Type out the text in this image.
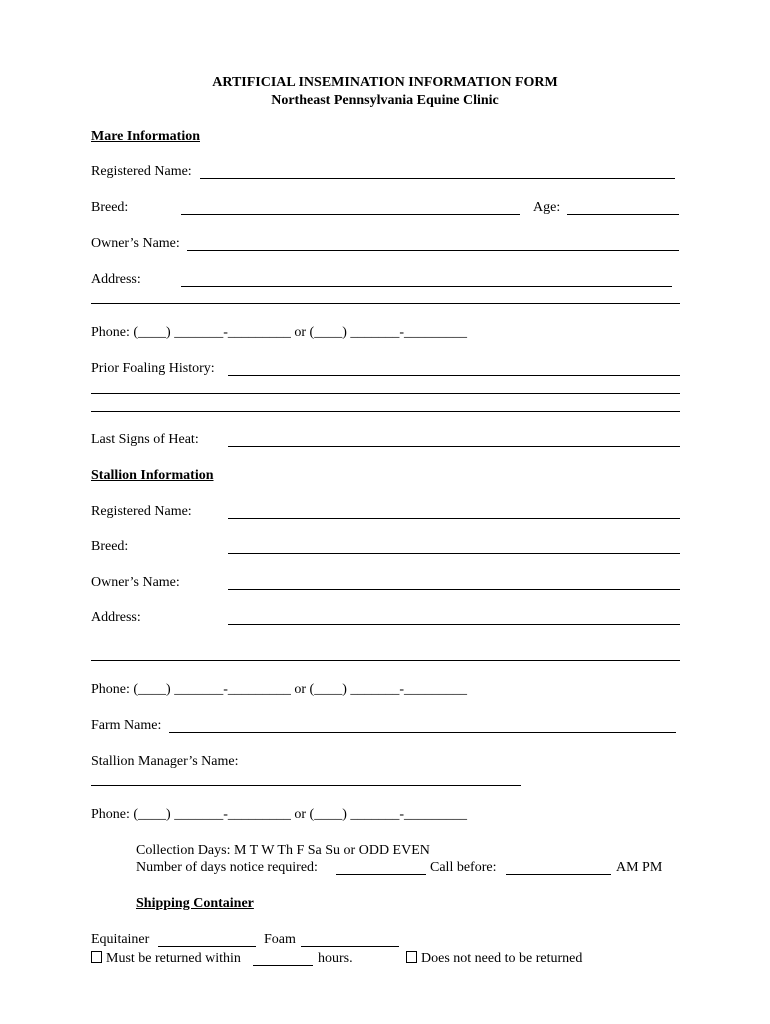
ARTIFICIAL INSEMINATION INFORMATION FORM
Northeast Pennsylvania Equine Clinic
Mare Information
Registered Name:
Breed:	Age:
Owner’s Name:
Address:
Phone: (____) _______-_________ or (____) _______-_________
Prior Foaling History:
Last Signs of Heat:
Stallion Information
Registered Name:
Breed:
Owner’s Name:
Address:
Phone: (____) _______-_________ or (____) _______-_________
Farm Name:
Stallion Manager’s Name:
Phone: (____) _______-_________ or (____) _______-_________
Collection Days: M T W Th F Sa Su or ODD EVEN
Number of days notice required:	Call before:	AM PM
Shipping Container
Equitainer	Foam
Must be returned within	hours.	Does not need to be returned
